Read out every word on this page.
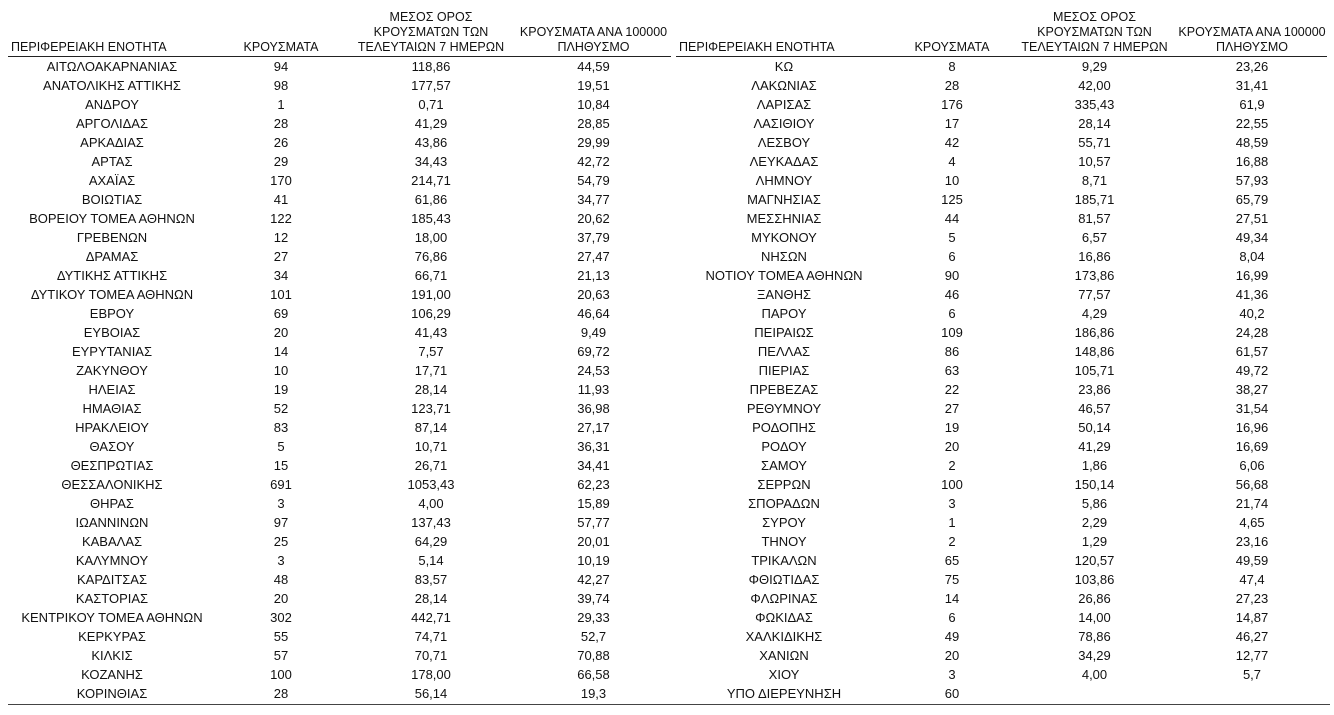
ΠΕΡΙΦΕΡΕΙΑΚΗ ΕΝΟΤΗΤΑ	ΚΡΟΥΣΜΑΤΑ	ΜΕΣΟΣ ΟΡΟΣ
ΚΡΟΥΣΜΑΤΩΝ ΤΩΝ
ΤΕΛΕΥΤΑΙΩΝ 7 ΗΜΕΡΩΝ	ΚΡΟΥΣΜΑΤΑ ΑΝΑ 100000
ΠΛΗΘΥΣΜΟ
ΑΙΤΩΛΟΑΚΑΡΝΑΝΙΑΣ	94	118,86	44,59
ΑΝΑΤΟΛΙΚΗΣ ΑΤΤΙΚΗΣ	98	177,57	19,51
ΑΝΔΡΟΥ	1	0,71	10,84
ΑΡΓΟΛΙΔΑΣ	28	41,29	28,85
ΑΡΚΑΔΙΑΣ	26	43,86	29,99
ΑΡΤΑΣ	29	34,43	42,72
ΑΧΑΪΑΣ	170	214,71	54,79
ΒΟΙΩΤΙΑΣ	41	61,86	34,77
ΒΟΡΕΙΟΥ ΤΟΜΕΑ ΑΘΗΝΩΝ	122	185,43	20,62
ΓΡΕΒΕΝΩΝ	12	18,00	37,79
ΔΡΑΜΑΣ	27	76,86	27,47
ΔΥΤΙΚΗΣ ΑΤΤΙΚΗΣ	34	66,71	21,13
ΔΥΤΙΚΟΥ ΤΟΜΕΑ ΑΘΗΝΩΝ	101	191,00	20,63
ΕΒΡΟΥ	69	106,29	46,64
ΕΥΒΟΙΑΣ	20	41,43	9,49
ΕΥΡΥΤΑΝΙΑΣ	14	7,57	69,72
ΖΑΚΥΝΘΟΥ	10	17,71	24,53
ΗΛΕΙΑΣ	19	28,14	11,93
ΗΜΑΘΙΑΣ	52	123,71	36,98
ΗΡΑΚΛΕΙΟΥ	83	87,14	27,17
ΘΑΣΟΥ	5	10,71	36,31
ΘΕΣΠΡΩΤΙΑΣ	15	26,71	34,41
ΘΕΣΣΑΛΟΝΙΚΗΣ	691	1053,43	62,23
ΘΗΡΑΣ	3	4,00	15,89
ΙΩΑΝΝΙΝΩΝ	97	137,43	57,77
ΚΑΒΑΛΑΣ	25	64,29	20,01
ΚΑΛΥΜΝΟΥ	3	5,14	10,19
ΚΑΡΔΙΤΣΑΣ	48	83,57	42,27
ΚΑΣΤΟΡΙΑΣ	20	28,14	39,74
ΚΕΝΤΡΙΚΟΥ ΤΟΜΕΑ ΑΘΗΝΩΝ	302	442,71	29,33
ΚΕΡΚΥΡΑΣ	55	74,71	52,7
ΚΙΛΚΙΣ	57	70,71	70,88
ΚΟΖΑΝΗΣ	100	178,00	66,58
ΚΟΡΙΝΘΙΑΣ	28	56,14	19,3
ΠΕΡΙΦΕΡΕΙΑΚΗ ΕΝΟΤΗΤΑ	ΚΡΟΥΣΜΑΤΑ	ΜΕΣΟΣ ΟΡΟΣ
ΚΡΟΥΣΜΑΤΩΝ ΤΩΝ
ΤΕΛΕΥΤΑΙΩΝ 7 ΗΜΕΡΩΝ	ΚΡΟΥΣΜΑΤΑ ΑΝΑ 100000
ΠΛΗΘΥΣΜΟ
ΚΩ	8	9,29	23,26
ΛΑΚΩΝΙΑΣ	28	42,00	31,41
ΛΑΡΙΣΑΣ	176	335,43	61,9
ΛΑΣΙΘΙΟΥ	17	28,14	22,55
ΛΕΣΒΟΥ	42	55,71	48,59
ΛΕΥΚΑΔΑΣ	4	10,57	16,88
ΛΗΜΝΟΥ	10	8,71	57,93
ΜΑΓΝΗΣΙΑΣ	125	185,71	65,79
ΜΕΣΣΗΝΙΑΣ	44	81,57	27,51
ΜΥΚΟΝΟΥ	5	6,57	49,34
ΝΗΣΩΝ	6	16,86	8,04
ΝΟΤΙΟΥ ΤΟΜΕΑ ΑΘΗΝΩΝ	90	173,86	16,99
ΞΑΝΘΗΣ	46	77,57	41,36
ΠΑΡΟΥ	6	4,29	40,2
ΠΕΙΡΑΙΩΣ	109	186,86	24,28
ΠΕΛΛΑΣ	86	148,86	61,57
ΠΙΕΡΙΑΣ	63	105,71	49,72
ΠΡΕΒΕΖΑΣ	22	23,86	38,27
ΡΕΘΥΜΝΟΥ	27	46,57	31,54
ΡΟΔΟΠΗΣ	19	50,14	16,96
ΡΟΔΟΥ	20	41,29	16,69
ΣΑΜΟΥ	2	1,86	6,06
ΣΕΡΡΩΝ	100	150,14	56,68
ΣΠΟΡΑΔΩΝ	3	5,86	21,74
ΣΥΡΟΥ	1	2,29	4,65
ΤΗΝΟΥ	2	1,29	23,16
ΤΡΙΚΑΛΩΝ	65	120,57	49,59
ΦΘΙΩΤΙΔΑΣ	75	103,86	47,4
ΦΛΩΡΙΝΑΣ	14	26,86	27,23
ΦΩΚΙΔΑΣ	6	14,00	14,87
ΧΑΛΚΙΔΙΚΗΣ	49	78,86	46,27
ΧΑΝΙΩΝ	20	34,29	12,77
ΧΙΟΥ	3	4,00	5,7
ΥΠΟ ΔΙΕΡΕΥΝΗΣΗ	60		
